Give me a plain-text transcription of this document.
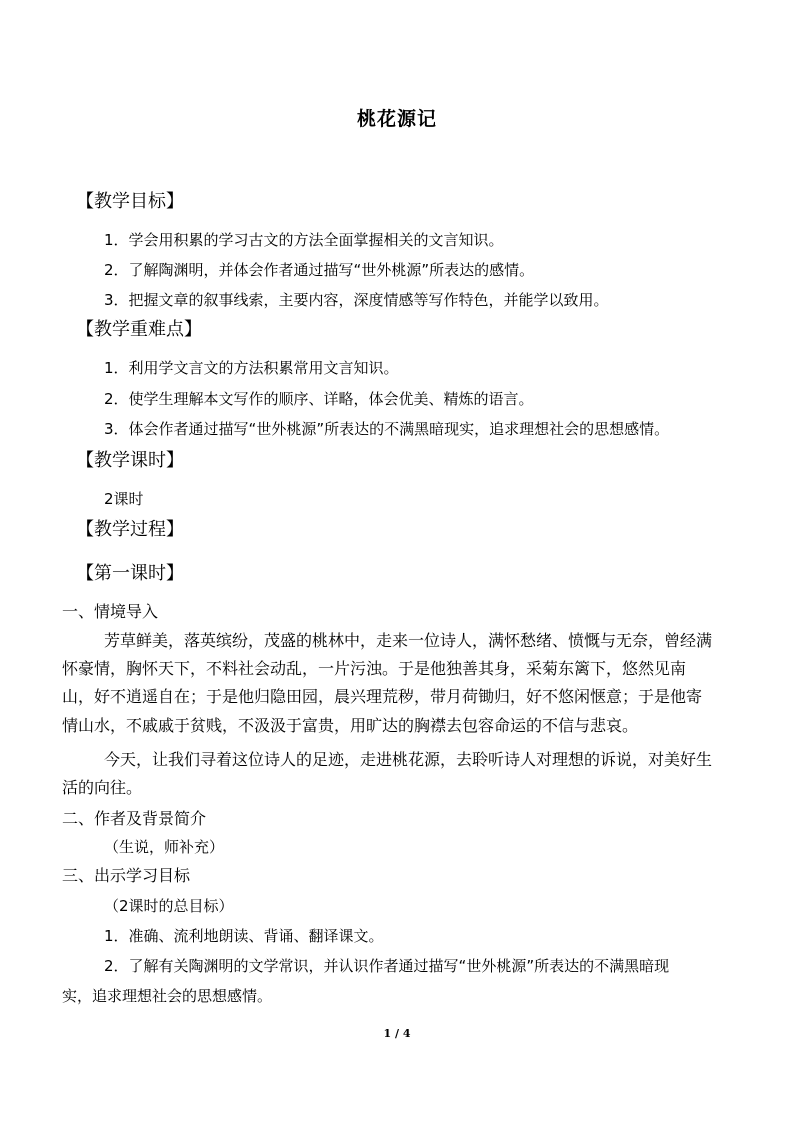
桃花源记
【教学目标】
1．学会用积累的学习古文的方法全面掌握相关的文言知识。
2．了解陶渊明，并体会作者通过描写“世外桃源”所表达的感情。
3．把握文章的叙事线索，主要内容，深度情感等写作特色，并能学以致用。
【教学重难点】
1．利用学文言文的方法积累常用文言知识。
2．使学生理解本文写作的顺序、详略，体会优美、精炼的语言。
3．体会作者通过描写“世外桃源”所表达的不满黑暗现实，追求理想社会的思想感情。
【教学课时】
2课时
【教学过程】
【第一课时】
一、情境导入
芳草鲜美，落英缤纷，茂盛的桃林中，走来一位诗人，满怀愁绪、愤慨与无奈，曾经满
怀豪情，胸怀天下，不料社会动乱，一片污浊。于是他独善其身，采菊东篱下，悠然见南
山，好不逍遥自在；于是他归隐田园，晨兴理荒秽，带月荷锄归，好不悠闲惬意；于是他寄
情山水，不戚戚于贫贱，不汲汲于富贵，用旷达的胸襟去包容命运的不信与悲哀。
今天，让我们寻着这位诗人的足迹，走进桃花源，去聆听诗人对理想的诉说，对美好生
活的向往。
二、作者及背景简介
（生说，师补充）
三、出示学习目标
（2课时的总目标）
1．准确、流利地朗读、背诵、翻译课文。
2．了解有关陶渊明的文学常识，并认识作者通过描写“世外桃源”所表达的不满黑暗现
实，追求理想社会的思想感情。
1 / 4
